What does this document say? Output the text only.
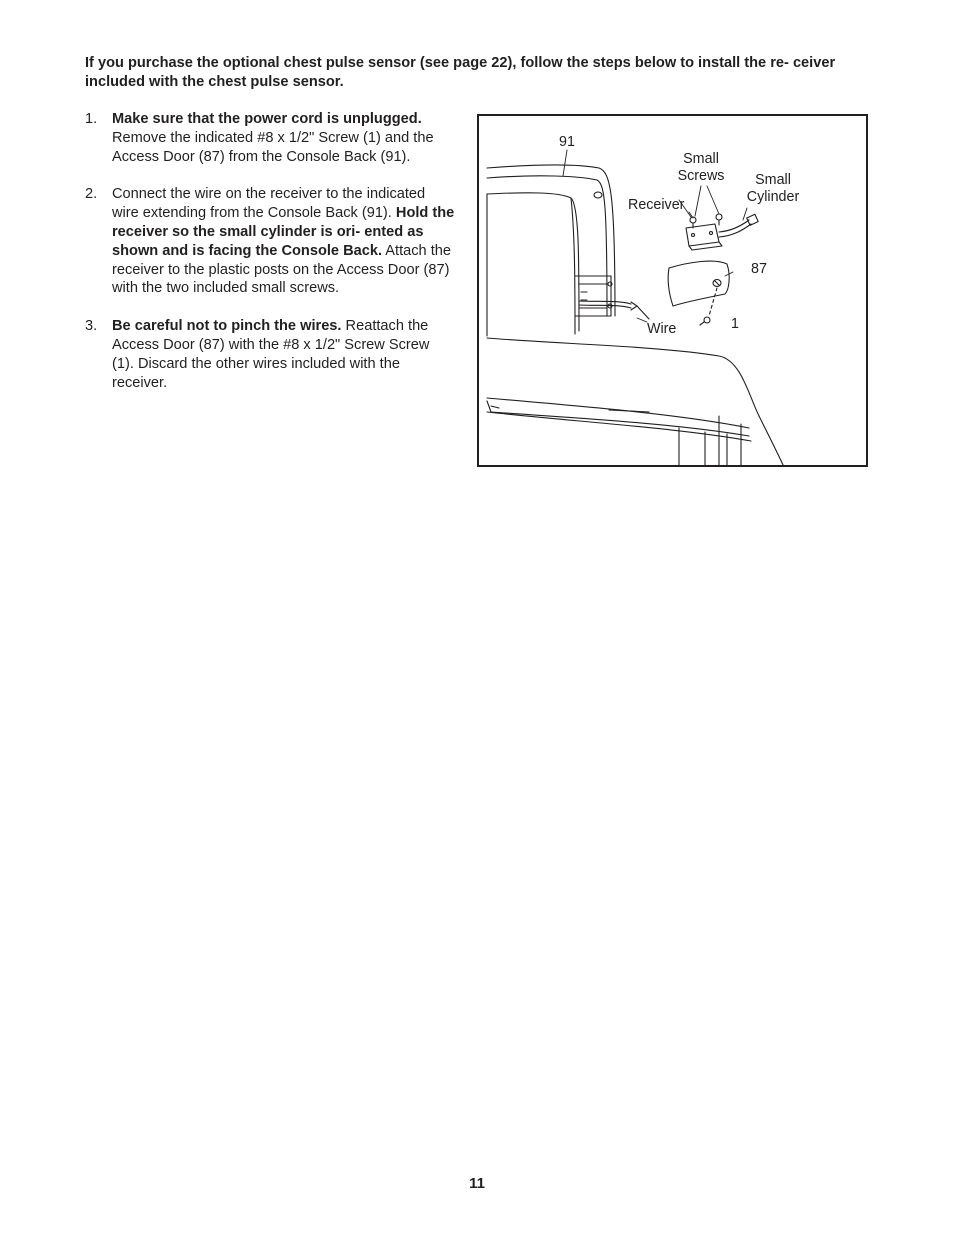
If you purchase the optional chest pulse sensor (see page 22), follow the steps below to install the re- ceiver included with the chest pulse sensor.

1. Make sure that the power cord is unplugged. Remove the indicated #8 x 1/2" Screw (1) and the Access Door (87) from the Console Back (91).

2. Connect the wire on the receiver to the indicated wire extending from the Console Back (91). Hold the receiver so the small cylinder is ori- ented as shown and is facing the Console Back. Attach the receiver to the plastic posts on the Access Door (87) with the two included small screws.

3. Be careful not to pinch the wires. Reattach the Access Door (87) with the #8 x 1/2" Screw Screw (1). Discard the other wires included with the receiver.

91
Small Screws	Small Cylinder
Receiver
87
Wire	1
11
